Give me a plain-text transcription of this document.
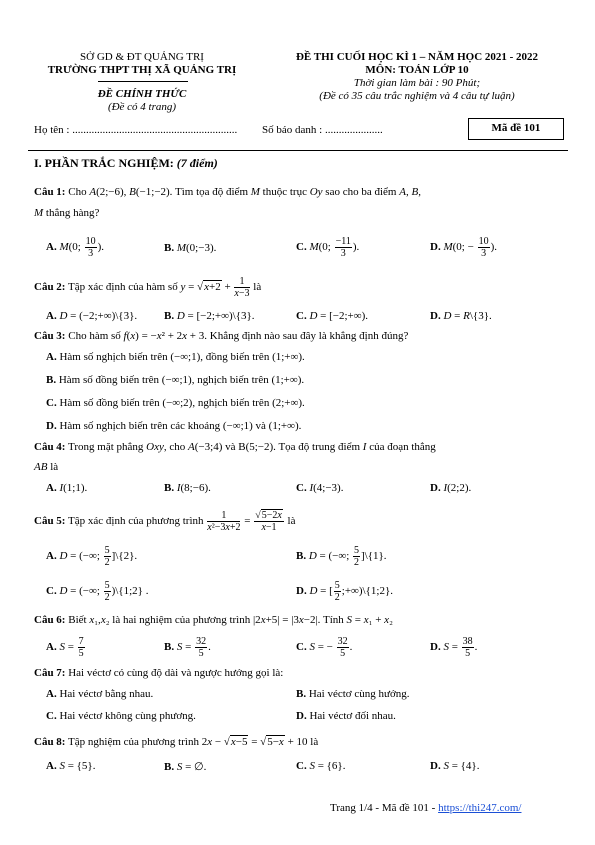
SỞ GD & ĐT QUẢNG TRỊ
TRƯỜNG THPT THỊ XÃ QUẢNG TRỊ
ĐỀ CHÍNH THỨC
(Đề có 4 trang)
ĐỀ THI CUỐI HỌC KÌ 1 – NĂM HỌC 2021 - 2022
MÔN: TOÁN LỚP 10
Thời gian làm bài : 90 Phút;
(Đề có 35 câu trắc nghiệm và 4 câu tự luận)
Họ tên : ............................................................ Số báo danh : .....................	Mã đề 101
I. PHẦN TRẮC NGHIỆM: (7 điểm)
Câu 1: Cho A(2;−6), B(−1;−2). Tìm tọa độ điểm M thuộc trục Oy sao cho ba điểm A, B,
M thẳng hàng?
A. M(0; $\frac{10}{3}$ ).	B. M(0;−3).	C. M(0; $\frac{-11}{3}$ ).	D. M(0; − $\frac{10}{3}$ ).
Câu 2: Tập xác định của hàm số $y = √x+2 + \frac{1}{x-3}$ là
A. D = (−2;+∞)\{3}. B. D = [−2;+∞)\{3}.	C. D = [−2;+∞).	D. D = R\{3}.
Câu 3: Cho hàm số f(x) = −x² + 2x + 3. Khẳng định nào sau đây là khẳng định đúng?
A. Hàm số nghịch biến trên (−∞;1), đồng biến trên (1;+∞).
B. Hàm số đồng biến trên (−∞;1), nghịch biến trên (1;+∞).
C. Hàm số đồng biến trên (−∞;2), nghịch biến trên (2;+∞).
D. Hàm số nghịch biến trên các khoảng (−∞;1) và (1;+∞).
Câu 4: Trong mặt phẳng Oxy, cho A(−3;4) và B(5;−2). Tọa độ trung điểm I của đoạn thẳng
AB là
A. I(1;1).	B. I(8;−6).	C. I(4;−3).	D. I(2;2).
Câu 5: Tập xác định của phương trình $\frac{1}{\text{x²−3x+2}} = \frac{√5-2x}{x-1}$ là
A. D = (−∞; $\frac{5}{2}$ ]\{2}.	B. D = (−∞; $\frac{5}{2}$ ]\{1}.
C. D = (−∞; $\frac{5}{2}$ )\{1;2} .	D. D = [ $\frac{5}{2}$ ;+∞)\{1;2}.
Câu 6: Biết x₁,x₂ là hai nghiệm của phương trình |2x+5| = |3x−2|. Tính S = x₁ + x₂
A. $S = \frac{7}{5}$	B. $S = \frac{32}{5}$ .	C. S = − $\frac{32}{5}$ .	D. $S = \frac{38}{5}$ .
Câu 7: Hai véctơ có cùng độ dài và ngược hướng gọi là:
A. Hai véctơ bằng nhau.	B. Hai véctơ cùng hướng.
C. Hai véctơ không cùng phương.	D. Hai véctơ đối nhau.
Câu 8: Tập nghiệm của phương trình 2x − √x−5 = √5−x + 10 là
A. S = {5}.	B. S = ∅.	C. S = {6}.	D. S = {4}.
Trang 1/4 - Mã đề 101 - https://thi247.com/
